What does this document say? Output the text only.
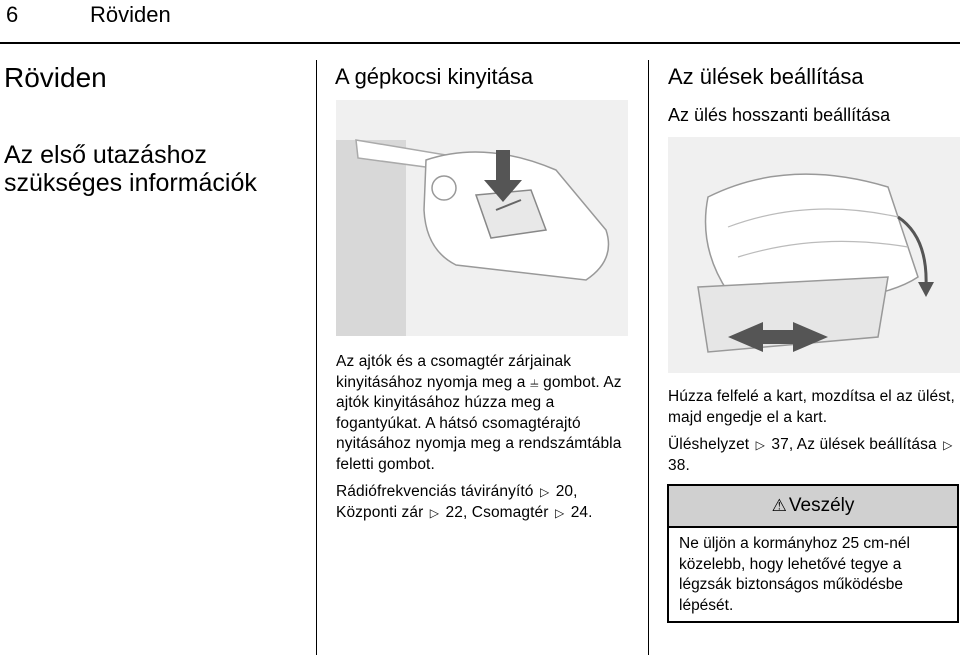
6	Röviden
Röviden
Az első utazáshoz szükséges információk
A gépkocsi kinyitása

Az ajtók és a csomagtér zárjainak kinyitásához nyomja meg a ⫨ gombot. Az ajtók kinyitásához húzza meg a fogantyúkat. A hátsó csomagtérajtó nyitásához nyomja meg a rendszámtábla feletti gombot.

Rádiófrekvenciás távirányító ▷ 20, Központi zár ▷ 22, Csomagtér ▷ 24.

Az ülések beállítása
Az ülés hosszanti beállítása

Húzza felfelé a kart, mozdítsa el az ülést, majd engedje el a kart.

Üléshelyzet ▷ 37, Az ülések beállítása ▷ 38.

⚠ Veszély
Ne üljön a kormányhoz 25 cm-nél közelebb, hogy lehetővé tegye a légzsák biztonságos működésbe lépését.
